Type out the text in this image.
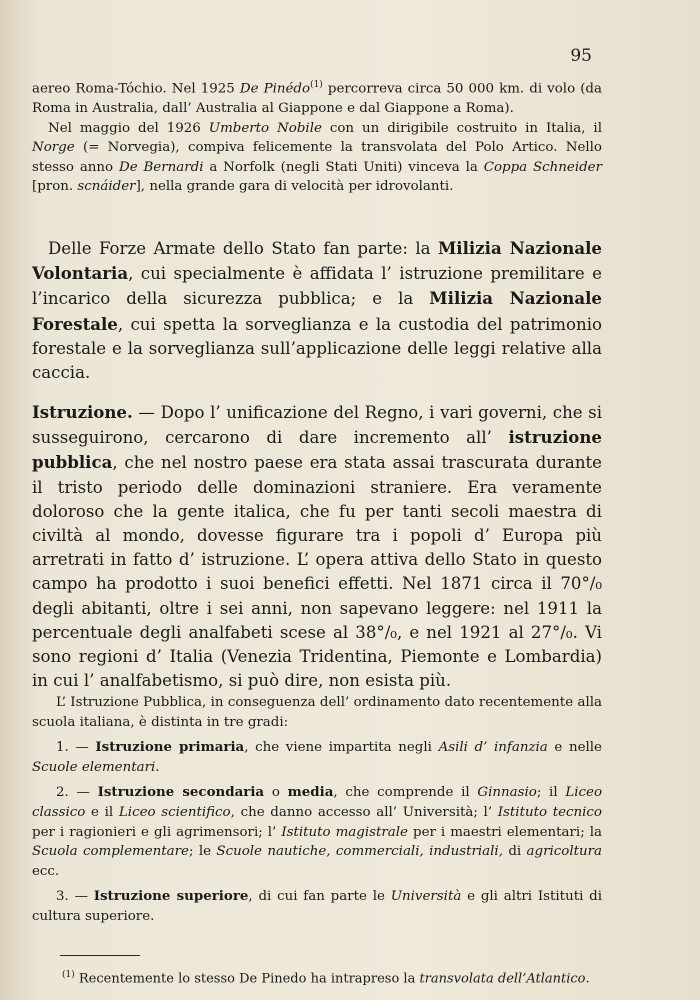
95

aereo Roma-Tóchio. Nel 1925 De Pinédo$^{(1)}$ percorreva circa 50 000 km. di volo (da Roma in Australia, dall’ Australia al Giappone e dal Giappone a Roma).

Nel maggio del 1926 Umberto Nobile con un dirigibile costruito in Italia, il Norge (= Norvegia), compiva felicemente la transvolata del Polo Artico. Nello stesso anno De Bernardi a Norfolk (negli Stati Uniti) vinceva la Coppa Schneider [pron. scnáider], nella grande gara di velocità per idrovolanti.

Delle Forze Armate dello Stato fan parte: la Milizia Nazionale Volontaria, cui specialmente è affidata l’ istruzione premilitare e l’incarico della sicurezza pubblica; e la Milizia Nazionale Forestale, cui spetta la sorveglianza e la custodia del patrimonio forestale e la sorveglianza sull’applicazione delle leggi relative alla caccia.

Istruzione. — Dopo l’ unificazione del Regno, i vari governi, che si susseguirono, cercarono di dare incremento all’ istruzione pubblica, che nel nostro paese era stata assai trascurata durante il tristo periodo delle dominazioni straniere. Era veramente doloroso che la gente italica, che fu per tanti secoli maestra di civiltà al mondo, dovesse figurare tra i popoli d’ Europa più arretrati in fatto d’ istruzione. L’ opera attiva dello Stato in questo campo ha prodotto i suoi benefici effetti. Nel 1871 circa il 70°/₀ degli abitanti, oltre i sei anni, non sapevano leggere: nel 1911 la percentuale degli analfabeti scese al 38°/₀, e nel 1921 al 27°/₀. Vi sono regioni d’ Italia (Venezia Tridentina, Piemonte e Lombardia) in cui l’ analfabetismo, si può dire, non esista più.

L’ Istruzione Pubblica, in conseguenza dell’ ordinamento dato recentemente alla scuola italiana, è distinta in tre gradi:

1. — Istruzione primaria, che viene impartita negli Asili d’ infanzia e nelle Scuole elementari.

2. — Istruzione secondaria o media, che comprende il Ginnasio; il Liceo classico e il Liceo scientifico, che danno accesso all’ Università; l’ Istituto tecnico per i ragionieri e gli agrimensori; l’ Istituto magistrale per i maestri elementari; la Scuola complementare; le Scuole nautiche, commerciali, industriali, di agricoltura ecc.

3. — Istruzione superiore, di cui fan parte le Università e gli altri Istituti di cultura superiore.

$^{(1)}$ Recentemente lo stesso De Pinedo ha intrapreso la transvolata dell’Atlantico.
